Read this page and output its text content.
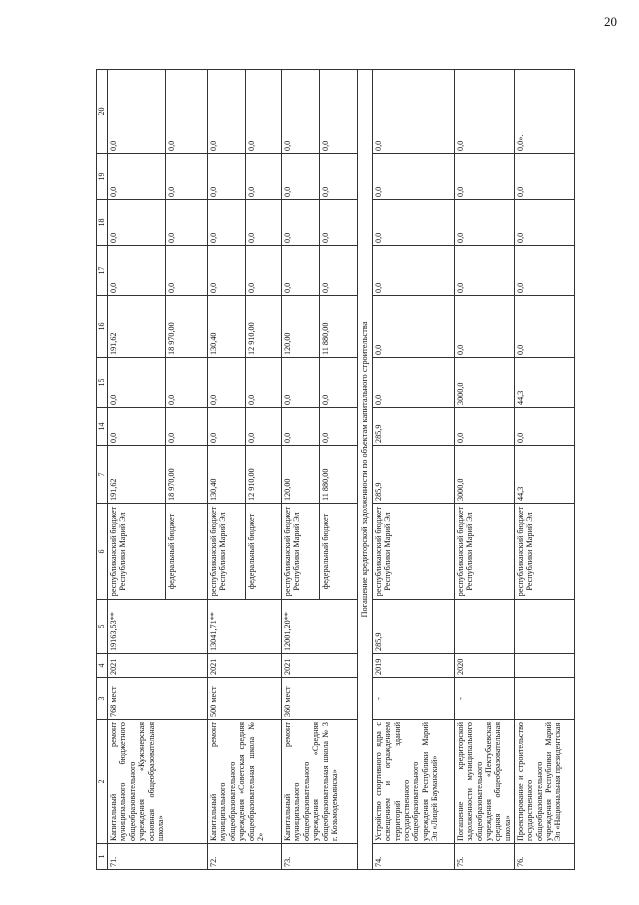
20
1	2	3	4	5	6	7	14	15	16	17	18	19	20
71.	Капитальный ремонт муниципального бюджетного общеобразовательного учреждения «Кужэнерская основная общеобразовательная школа»	768 мест	2021	19163,53**	республиканский бюджет Республики Марий Эл	191,62	0,0	0,0	191,62	0,0	0,0	0,0	0,0
					федеральный бюджет	18 970,00	0,0	0,0	18 970,00	0,0	0,0	0,0	0,0
72.	Капитальный ремонт муниципального общеобразовательного учреждения «Советская средняя общеобразовательная школа № 2»	500 мест	2021	13041,71**	республиканский бюджет Республики Марий Эл	130,40	0,0	0,0	130,40	0,0	0,0	0,0	0,0
					федеральный бюджет	12 910,00	0,0	0,0	12 910,00	0,0	0,0	0,0	0,0
73.	Капитальный ремонт муниципального общеобразовательного учреждения «Средняя общеобразовательная школа № 3 г. Козьмодемьянска»	360 мест	2021	12001,20**	республиканский бюджет Республики Марий Эл	120,00	0,0	0,0	120,00	0,0	0,0	0,0	0,0
					федеральный бюджет	11 880,00	0,0	0,0	11 880,00	0,0	0,0	0,0	0,0
Погашение кредиторской задолженности по объектам капитального строительства													
74.	Устройство спортивного ядра с освещением и ограждением территорий зданий государственного общеобразовательного учреждения Республики Марий Эл «Лицей Бауманский»	-	2019	285,9	республиканский бюджет Республики Марий Эл	285,9	285,9	0,0	0,0	0,0	0,0	0,0	0,0
75.	Погашение кредиторской задолженности муниципального общеобразовательного учреждения «Пектубаевская средняя общеобразовательная школа»	-	2020		республиканский бюджет Республики Марий Эл	3000,0	0,0	3000,0	0,0	0,0	0,0	0,0	0,0
76.	Проектирование и строительство государственного общеобразовательного учреждения Республики Марий Эл «Национальная президентская				республиканский бюджет Республики Марий Эл	44,3	0,0	44,3	0,0	0,0	0,0	0,0	0,0».
